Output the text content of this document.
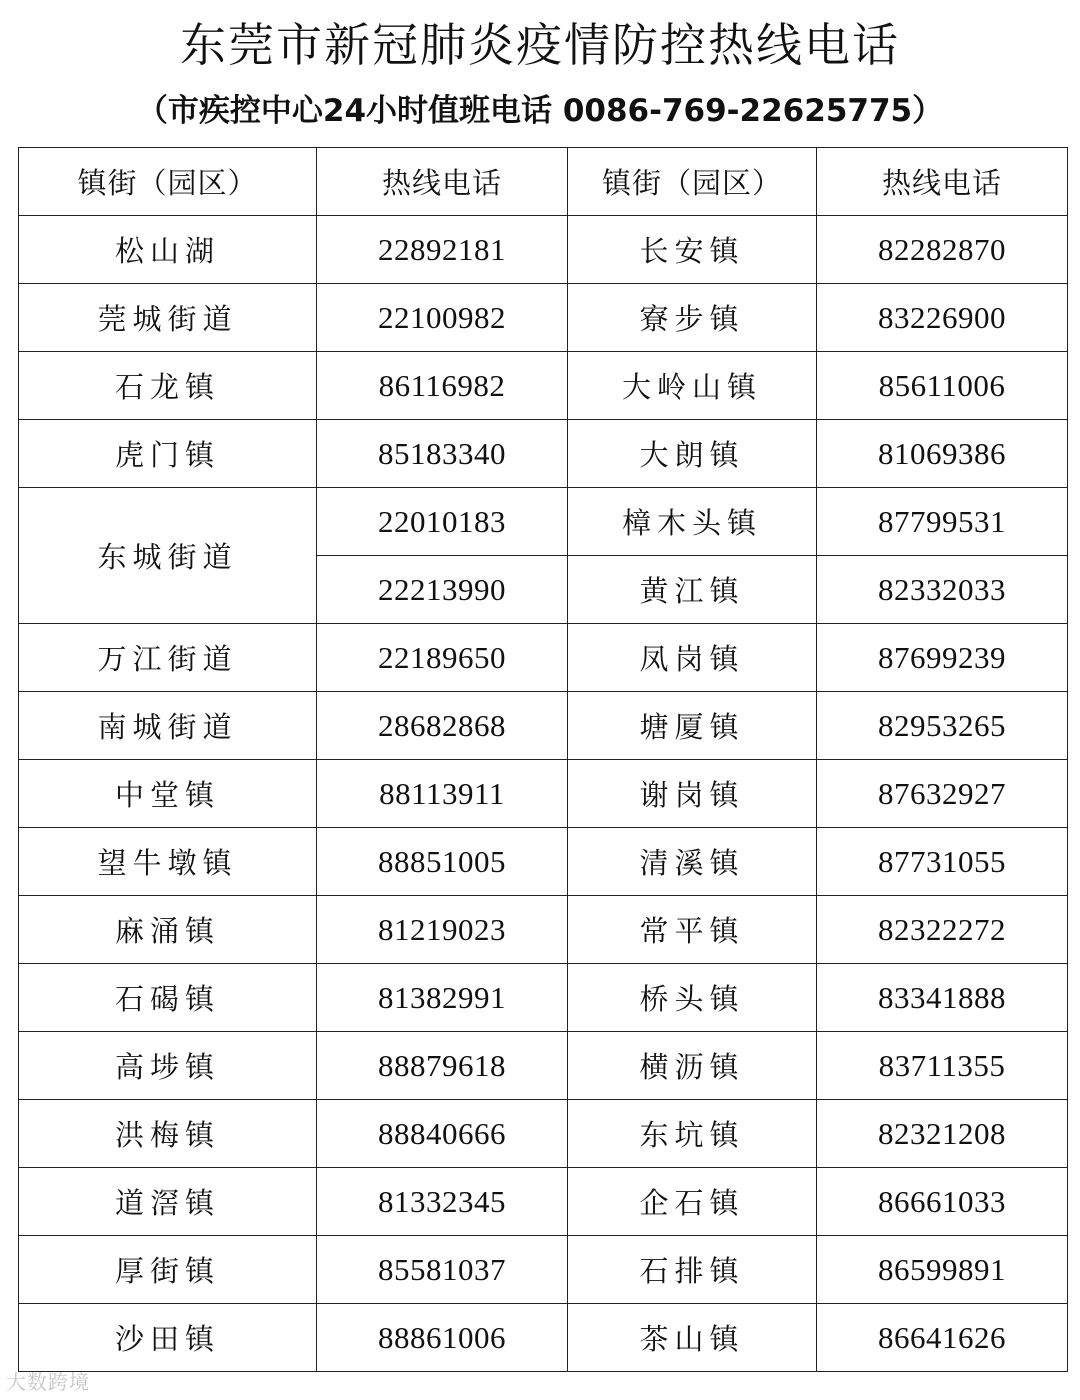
东莞市新冠肺炎疫情防控热线电话
（市疾控中心24小时值班电话 0086-769-22625775）
镇街（园区）	热线电话	镇街（园区）	热线电话
松山湖	22892181	长安镇	82282870
莞城街道	22100982	寮步镇	83226900
石龙镇	86116982	大岭山镇	85611006
虎门镇	85183340	大朗镇	81069386
东城街道	22010183	樟木头镇	87799531
	22213990	黄江镇	82332033
万江街道	22189650	凤岗镇	87699239
南城街道	28682868	塘厦镇	82953265
中堂镇	88113911	谢岗镇	87632927
望牛墩镇	88851005	清溪镇	87731055
麻涌镇	81219023	常平镇	82322272
石碣镇	81382991	桥头镇	83341888
高埗镇	88879618	横沥镇	83711355
洪梅镇	88840666	东坑镇	82321208
道滘镇	81332345	企石镇	86661033
厚街镇	85581037	石排镇	86599891
沙田镇	88861006	茶山镇	86641626
大数跨境
